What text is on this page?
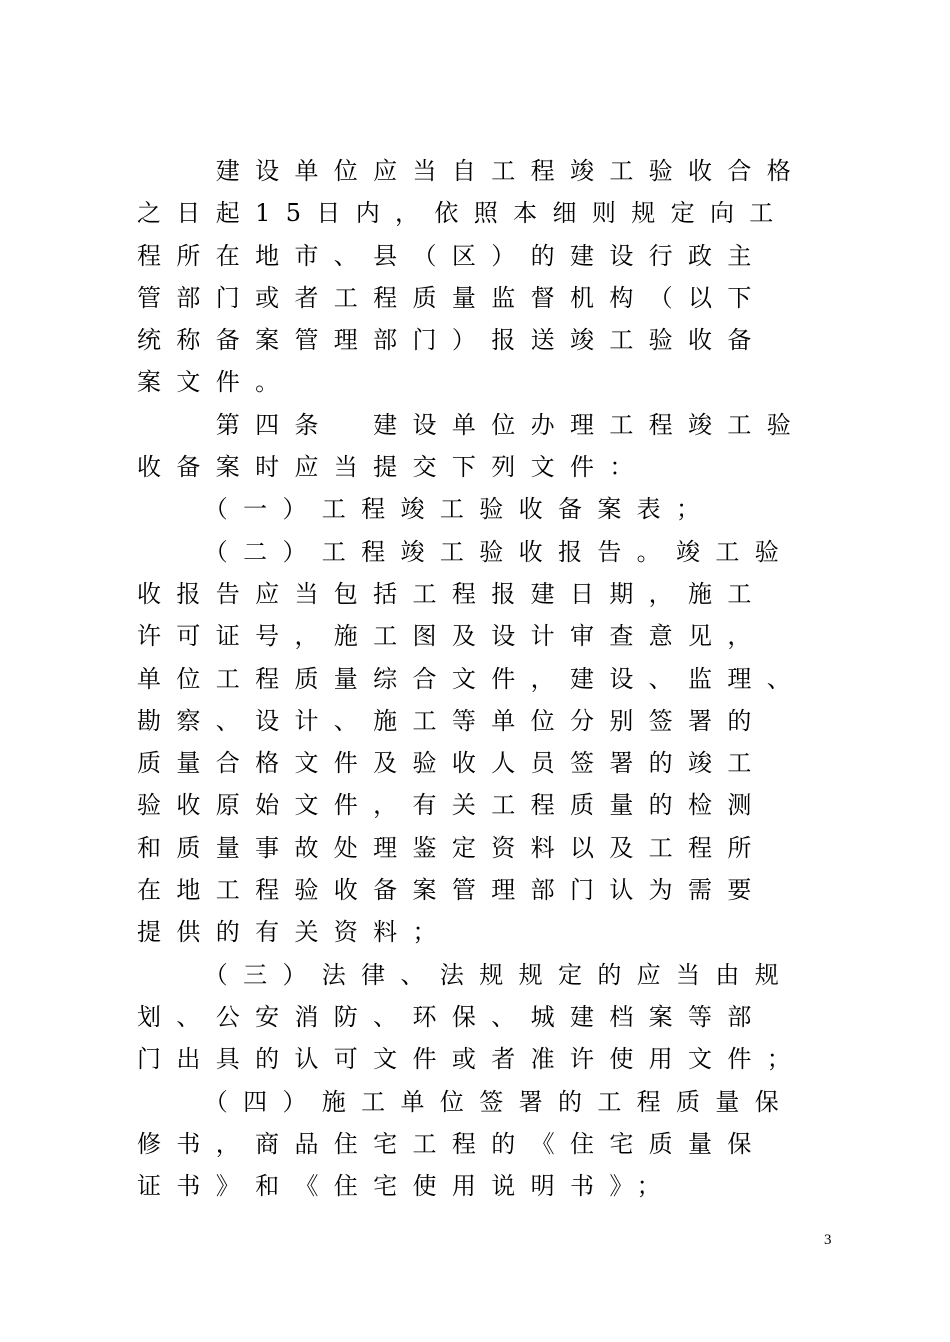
　　建设单位应当自工程竣工验收合格

之日起15日内，依照本细则规定向工

程所在地市、县（区）的建设行政主

管部门或者工程质量监督机构（以下

统称备案管理部门）报送竣工验收备

案文件。

　　第四条　建设单位办理工程竣工验

收备案时应当提交下列文件：

　　（一）工程竣工验收备案表；

　　（二）工程竣工验收报告。竣工验

收报告应当包括工程报建日期，施工

许可证号，施工图及设计审查意见，

单位工程质量综合文件，建设、监理、

勘察、设计、施工等单位分别签署的

质量合格文件及验收人员签署的竣工

验收原始文件，有关工程质量的检测

和质量事故处理鉴定资料以及工程所

在地工程验收备案管理部门认为需要

提供的有关资料；

　　（三）法律、法规规定的应当由规

划、公安消防、环保、城建档案等部

门出具的认可文件或者准许使用文件；

　　（四）施工单位签署的工程质量保

修书，商品住宅工程的《住宅质量保

证书》和《住宅使用说明书》；

3
